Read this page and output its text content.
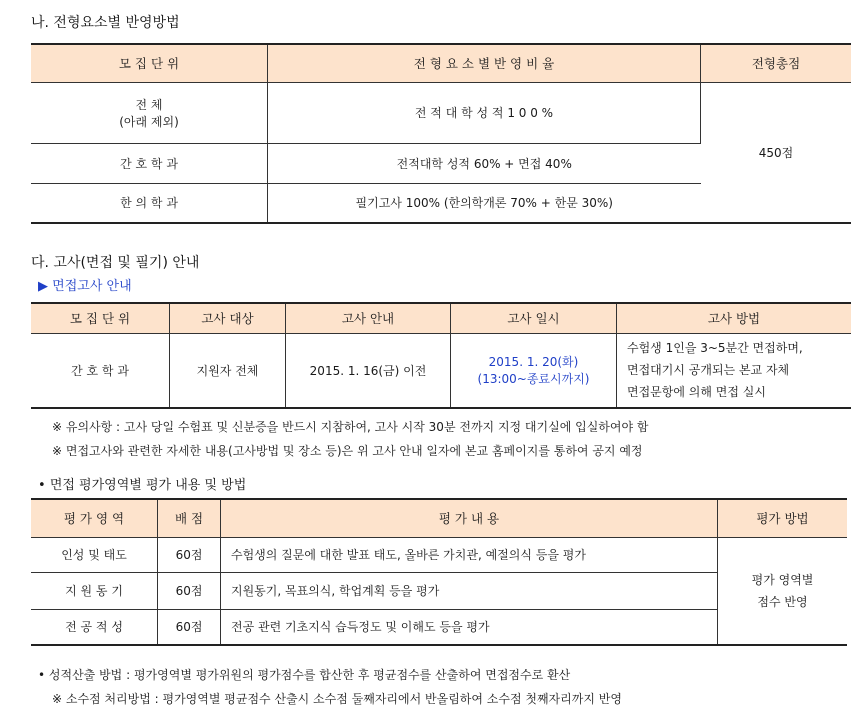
나. 전형요소별 반영방법
모 집 단 위	전 형 요 소 별 반 영 비 율	전형총점

전 체
(아래 제외)	전 적 대 학 성 적 1 0 0 %	450점
간 호 학 과	전적대학 성적 60% + 면접 40%	
한 의 학 과	필기고사 100% (한의학개론 70% + 한문 30%)	
다. 고사(면접 및 필기) 안내
▶ 면접고사 안내
모 집 단 위	고사 대상	고사 안내	고사 일시	고사 방법
간 호 학 과	지원자 전체	2015. 1. 16(금) 이전	2015. 1. 20(화)
(13:00~종료시까지)	수험생 1인을 3~5분간 면접하며,
면접대기시 공개되는 본교 자체
면접문항에 의해 면접 실시
※ 유의사항 : 고사 당일 수험표 및 신분증을 반드시 지참하여, 고사 시작 30분 전까지 지정 대기실에 입실하여야 함
※ 면접고사와 관련한 자세한 내용(고사방법 및 장소 등)은 위 고사 안내 일자에 본교 홈페이지를 통하여 공지 예정
• 면접 평가영역별 평가 내용 및 방법
평 가 영 역	배 점	평 가 내 용	평가 방법
인성 및 태도	60점	수험생의 질문에 대한 발표 태도, 올바른 가치관, 예절의식 등을 평가	평가 영역별
점수 반영

지 원 동 기	60점	지원동기, 목표의식, 학업계획 등을 평가	
전 공 적 성	60점	전공 관련 기초지식 습득정도 및 이해도 등을 평가	
• 성적산출 방법 : 평가영역별 평가위원의 평가점수를 합산한 후 평균점수를 산출하여 면접점수로 환산
※ 소수점 처리방법 : 평가영역별 평균점수 산출시 소수점 둘째자리에서 반올림하여 소수점 첫째자리까지 반영
